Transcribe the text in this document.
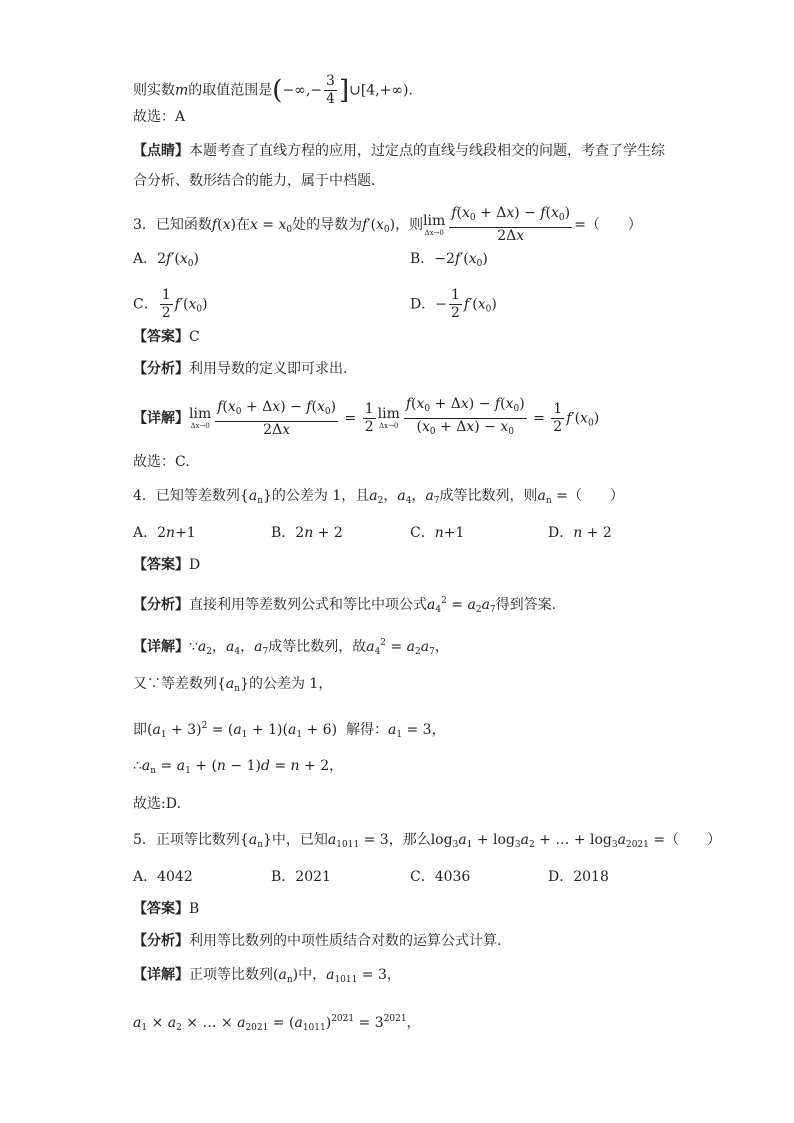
则实数m的取值范围是(−∞,− $\frac{3}{4}$ ]∪[4,+∞)．
故选：A
【点睛】本题考查了直线方程的应用，过定点的直线与线段相交的问题，考查了学生综
合分析、数形结合的能力，属于中档题.
3．已知函数f(x)在$x = x_0$处的导数为$f'(x_0)$，则 lim
$\Delta x\to 0 \frac{f(x_0 + \Delta x) - f(x_0)}{2\Delta x}$ =（　　）
A．$2f'(x_0)$	B．$-2f'(x_0)$
C． $\frac{1}{2} f'(x_0)$	D．− $\frac{1}{2} f'(x_0)$
【答案】C
【分析】利用导数的定义即可求出.
【详解】 lim
$\Delta x\to 0 \frac{f(x_0 + \Delta x) - f(x_0)}{2\Delta x} = \frac{1}{2}$ lim
$\Delta x\to 0 \frac{f(x_0 + \Delta x) - f(x_0)}{(x_0 + \Delta x) - x_0} = \frac{1}{2} f'(x_0)$
故选：C.
4．已知等差数列$\{a_n\}$的公差为 1，且$a_2$，$a_4$，$a_7$成等比数列，则$a_n$ =（　　）
A．2n+1	B．2n + 2	C．n+1	D．n + 2
【答案】D
【分析】直接利用等差数列公式和等比中项公式$a_4^2 = a_2a_7$得到答案.
【详解】$\because a_2$，$a_4$，$a_7$成等比数列，故$a_4^2 = a_2a_7$，
又∵等差数列$\{a_n\}$的公差为 1，
即$(a_1 + 3)^2 = (a_1 + 1)(a_1 + 6)$  解得：$a_1 = 3$，
$\therefore a_n = a_1 + (n - 1)d = n + 2$，
故选:D.
5．正项等比数列$\{a_n\}$中，已知$a_{1011} = 3$，那么$\log_3a_1 + \log_3a_2$ + … + $\log_3a_{2021}$ =（　　）
A．4042	B．2021	C．4036	D．2018
【答案】B
【分析】利用等比数列的中项性质结合对数的运算公式计算.
【详解】正项等比数列$(a_n)$中，$a_{1011} = 3$，
$a_1 \times a_2$ × … × $a_{2021} = (a_{1011})^{2021} = 3^{2021}$，
